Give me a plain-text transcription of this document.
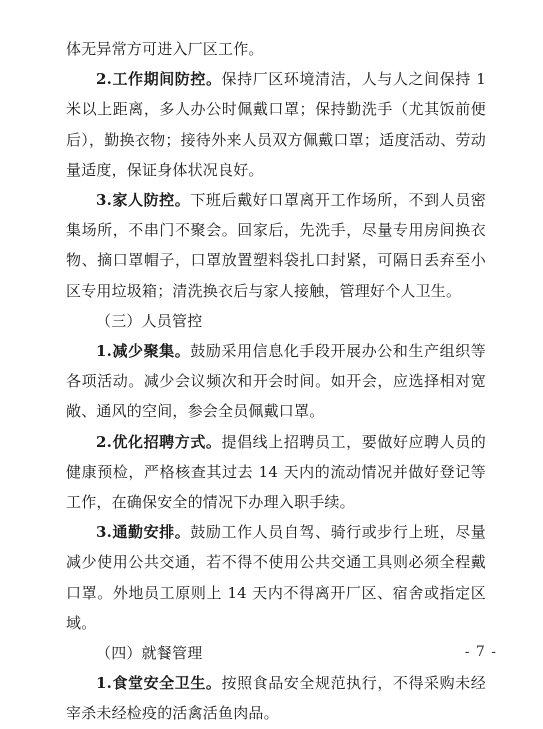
体无异常方可进入厂区工作。

2.工作期间防控。保持厂区环境清洁，人与人之间保持 1 米以上距离，多人办公时佩戴口罩；保持勤洗手（尤其饭前便后），勤换衣物；接待外来人员双方佩戴口罩；适度活动、劳动量适度，保证身体状况良好。

3.家人防控。下班后戴好口罩离开工作场所，不到人员密集场所，不串门不聚会。回家后，先洗手，尽量专用房间换衣物、摘口罩帽子，口罩放置塑料袋扎口封紧，可隔日丢弃至小区专用垃圾箱；清洗换衣后与家人接触，管理好个人卫生。

（三）人员管控

1.减少聚集。鼓励采用信息化手段开展办公和生产组织等各项活动。减少会议频次和开会时间。如开会，应选择相对宽敞、通风的空间，参会全员佩戴口罩。

2.优化招聘方式。提倡线上招聘员工，要做好应聘人员的健康预检，严格核查其过去 14 天内的流动情况并做好登记等工作，在确保安全的情况下办理入职手续。

3.通勤安排。鼓励工作人员自驾、骑行或步行上班，尽量减少使用公共交通，若不得不使用公共交通工具则必须全程戴口罩。外地员工原则上 14 天内不得离开厂区、宿舍或指定区域。

（四）就餐管理

1.食堂安全卫生。按照食品安全规范执行，不得采购未经宰杀未经检疫的活禽活鱼肉品。

- 7 -
